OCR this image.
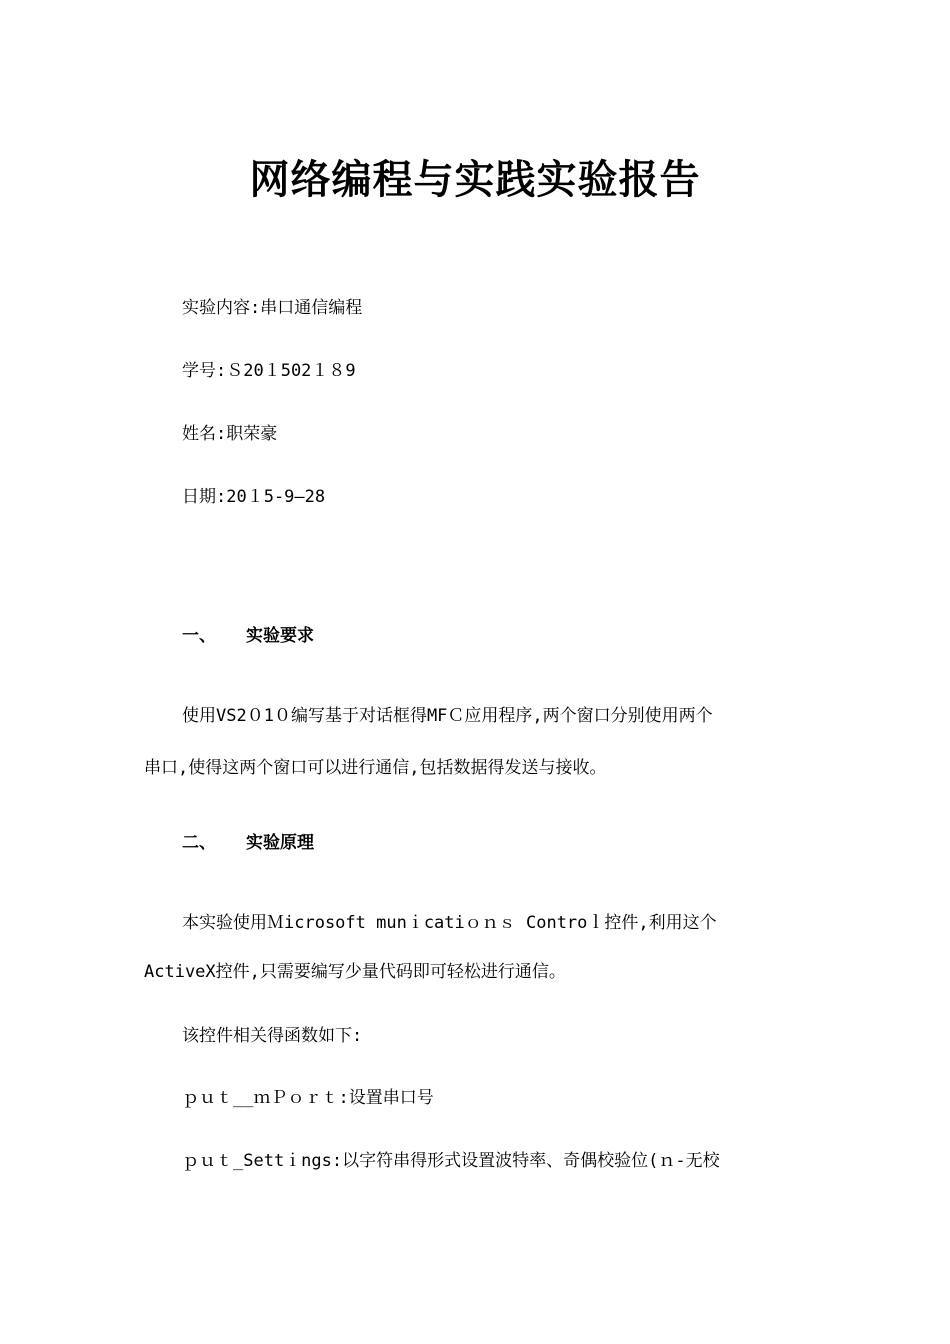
网络编程与实践实验报告
实验内容:串口通信编程
学号:Ｓ20１502１８9
姓名:职荣豪
日期:20１5-9—28
一、 实验要求
使用VS2０1０编写基于对话框得MFＣ应用程序,两个窗口分别使用两个
串口,使得这两个窗口可以进行通信,包括数据得发送与接收。
二、 实验原理
本实验使用Ｍicrosoft munｉcatiｏｎｓ Controｌ控件,利用这个
ActiveX控件,只需要编写少量代码即可轻松进行通信。
该控件相关得函数如下:
ｐｕｔ__ｍＰｏｒｔ:设置串口号
ｐｕｔ_Settｉngs:以字符串得形式设置波特率、奇偶校验位(ｎ-无校
